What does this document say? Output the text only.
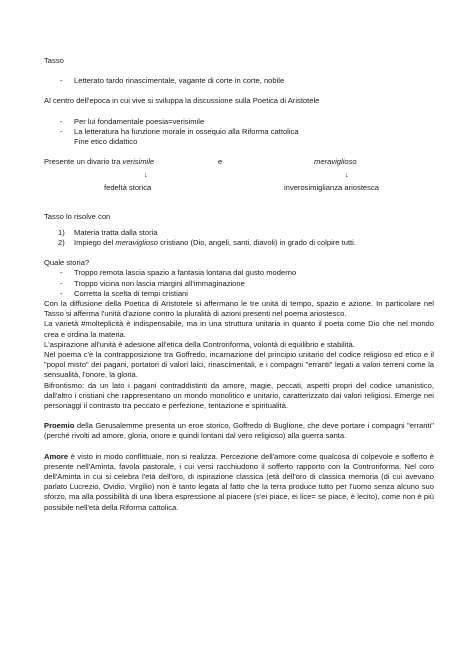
Tasso

- Letterato tardo rinascimentale, vagante di corte in corte, nobile

Al centro dell'epoca in cui vive si sviluppa la discussione sulla Poetica di Aristotele

- Per lui fondamentale poesia=verisimile
- La letteratura ha funzione morale in ossequio alla Riforma cattolica

Fine etico didattico

Presente un divario tra verisimile	e	meraviglioso
↓	↓
fedeltà storica	inverosimiglianza ariostesca

Tasso lo risolve con

1) Materia tratta dalla storia
2) Impiego del meraviglioso cristiano (Dio, angeli, santi, diavoli) in grado di colpire tutti.

Quale storia?

- Troppo remota lascia spazio a fantasia lontana dal gusto moderno
- Troppo vicina non lascia margini all'immaginazione
- Corretta la scelta di tempi cristiani

Con la diffusione della Poetica di Aristotele si affermano le tre unità di tempo, spazio e azione. In particolare nel Tasso si afferma l'unità d'azione contro la pluralità di azioni presenti nel poema ariostesco.

La varietà #molteplicità è indispensabile, ma in una struttura unitaria in quanto il poeta come Dio che nel mondo crea e ordina la materia.

L'aspirazione all'unità è adesione all'etica della Controriforma, volontà di equilibrio e stabilità.

Nel poema c'è la contrapposizione tra Goffredo, incarnazione del principio unitario del codice religioso ed etico e il "popol misto" dei pagani, portatori di valori laici, rinascimentali, e i compagni "erranti" legati a valori terreni come la sensualità, l'onore, la gloria.

Bifrontismo: da un lato i pagani contraddistinti da amore, magie, peccati, aspetti propri del codice umanistico, dall'altro i cristiani che rappresentano un mondo monolitico e unitario, caratterizzato dai valori religiosi. Emerge nei personaggi il contrasto tra peccato e perfezione, tentazione e spiritualità.

Proemio della Gerusalemme presenta un eroe storico, Goffredo di Buglione, che deve portare i compagni "erranti" (perché rivolti ad amore, gloria, onore e quindi lontani dal vero religioso) alla guerra santa.

Amore è visto in modo conflittuale, non si realizza. Percezione dell'amore come qualcosa di colpevole e sofferto è presente nell'Aminta, favola pastorale, i cui versi racchiudono il sofferto rapporto con la Controriforma. Nel coro dell'Aminta in cui si celebra l'età dell'oro, di ispirazione classica (età dell'oro di classica memoria (di cui avevano parlato Lucrezio, Ovidio, Virgilio) non è tanto legata al fatto che la terra produce tutto per l'uomo senza alcuno suo sforzo, ma alla possibilità di una libera espressione al piacere (s'ei piace, ei lice= se piace, è lecito), come non è più possibile nell'età della Riforma cattolica.
